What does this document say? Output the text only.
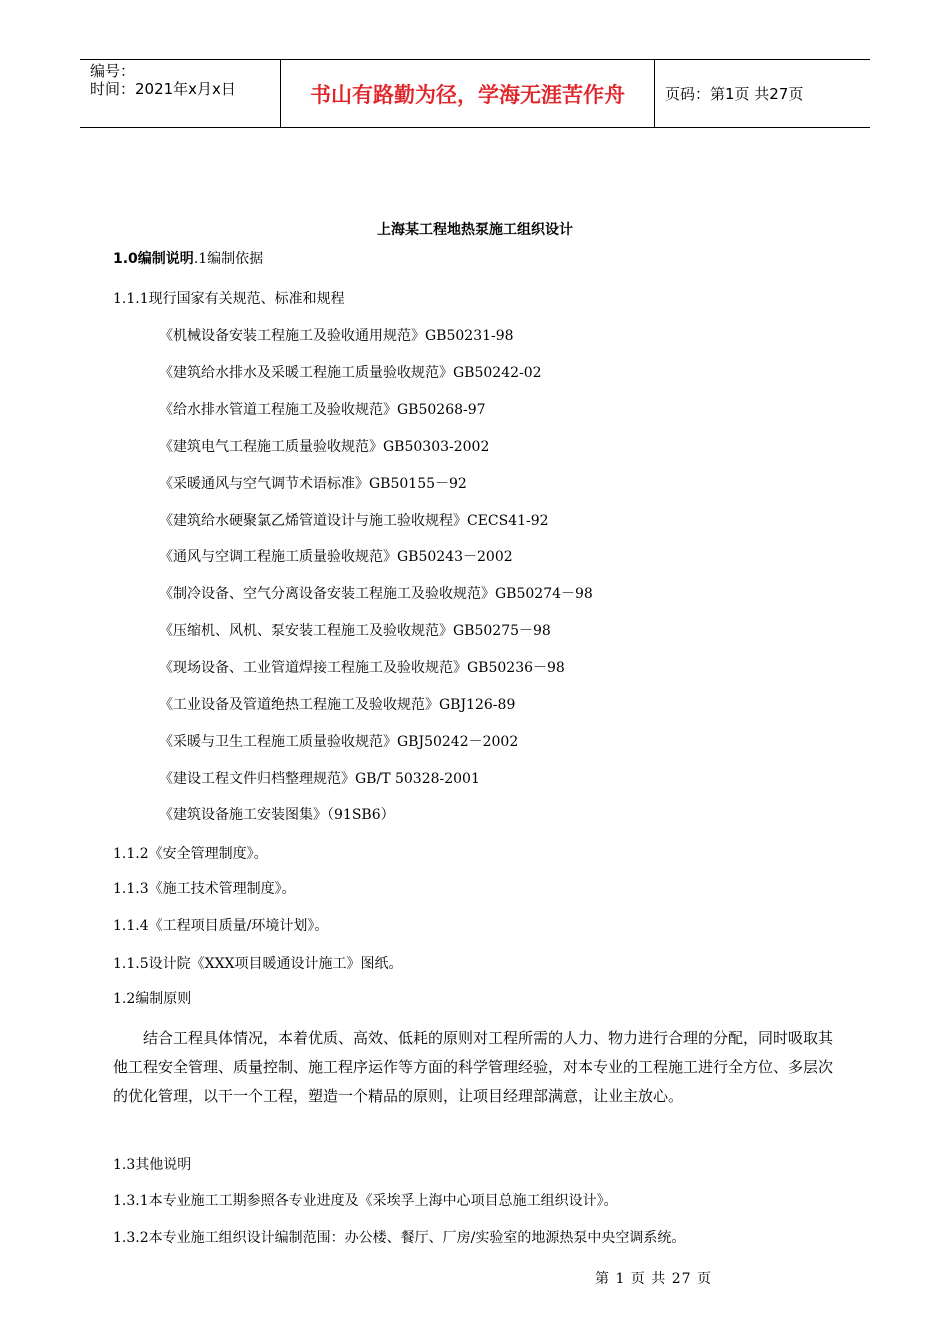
编号：
时间：2021年x月x日	书山有路勤为径，学海无涯苦作舟	页码：第1页 共27页
上海某工程地热泵施工组织设计
1.0编制说明.1编制依据
1.1.1现行国家有关规范、标准和规程
《机械设备安装工程施工及验收通用规范》GB50231-98
《建筑给水排水及采暖工程施工质量验收规范》GB50242-02
《给水排水管道工程施工及验收规范》GB50268-97
《建筑电气工程施工质量验收规范》GB50303-2002
《采暖通风与空气调节术语标准》GB50155－92
《建筑给水硬聚氯乙烯管道设计与施工验收规程》CECS41-92
《通风与空调工程施工质量验收规范》GB50243－2002
《制冷设备、空气分离设备安装工程施工及验收规范》GB50274－98
《压缩机、风机、泵安装工程施工及验收规范》GB50275－98
《现场设备、工业管道焊接工程施工及验收规范》GB50236－98
《工业设备及管道绝热工程施工及验收规范》GBJ126-89
《采暖与卫生工程施工质量验收规范》GBJ50242－2002
《建设工程文件归档整理规范》GB/T 50328-2001
《建筑设备施工安装图集》（91SB6）
1.1.2《安全管理制度》。
1.1.3《施工技术管理制度》。
1.1.4《工程项目质量/环境计划》。
1.1.5设计院《XXX项目暖通设计施工》图纸。
1.2编制原则

结合工程具体情况，本着优质、高效、低耗的原则对工程所需的人力、物力进行合理的分配，同时吸取其他工程安全管理、质量控制、施工程序运作等方面的科学管理经验，对本专业的工程施工进行全方位、多层次的优化管理，以干一个工程，塑造一个精品的原则，让项目经理部满意，让业主放心。

1.3其他说明
1.3.1本专业施工工期参照各专业进度及《采埃孚上海中心项目总施工组织设计》。
1.3.2本专业施工组织设计编制范围：办公楼、餐厅、厂房/实验室的地源热泵中央空调系统。
第 1 页 共 27 页
